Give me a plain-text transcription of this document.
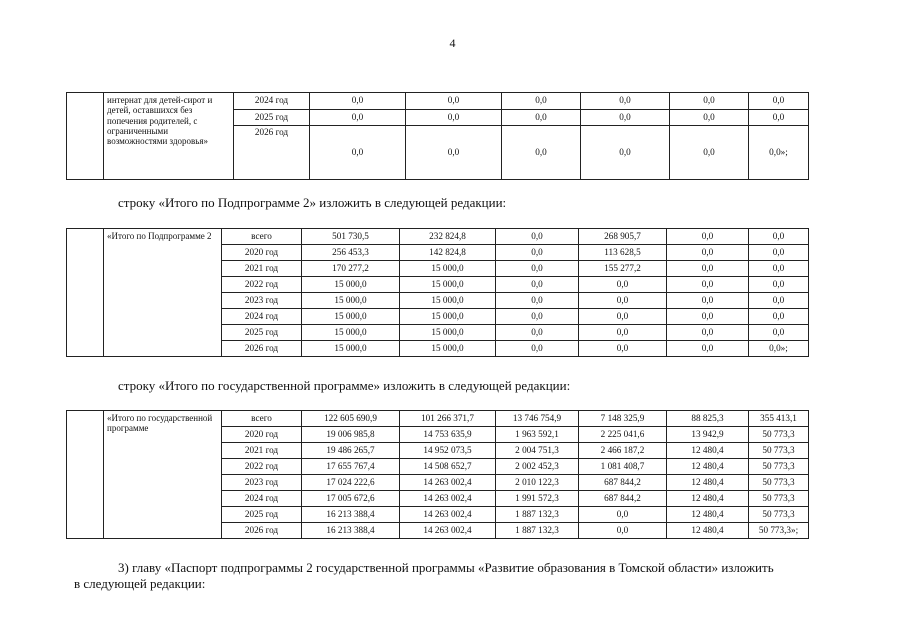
4
	интернат для детей-сирот и детей, оставшихся без попечения родителей, с ограниченными возможностями здоровья»	2024 год	0,0	0,0	0,0	0,0	0,0	0,0
		2025 год	0,0	0,0	0,0	0,0	0,0	0,0
		2026 год	0,0	0,0	0,0	0,0	0,0	0,0»;
строку «Итого по Подпрограмме 2» изложить в следующей редакции:
	«Итого по Подпрограмме 2	всего	501 730,5	232 824,8	0,0	268 905,7	0,0	0,0
		2020 год	256 453,3	142 824,8	0,0	113 628,5	0,0	0,0
		2021 год	170 277,2	15 000,0	0,0	155 277,2	0,0	0,0
		2022 год	15 000,0	15 000,0	0,0	0,0	0,0	0,0
		2023 год	15 000,0	15 000,0	0,0	0,0	0,0	0,0
		2024 год	15 000,0	15 000,0	0,0	0,0	0,0	0,0
		2025 год	15 000,0	15 000,0	0,0	0,0	0,0	0,0
		2026 год	15 000,0	15 000,0	0,0	0,0	0,0	0,0»;
строку «Итого по государственной программе» изложить в следующей редакции:
	«Итого по государственной программе	всего	122 605 690,9	101 266 371,7	13 746 754,9	7 148 325,9	88 825,3	355 413,1
		2020 год	19 006 985,8	14 753 635,9	1 963 592,1	2 225 041,6	13 942,9	50 773,3
		2021 год	19 486 265,7	14 952 073,5	2 004 751,3	2 466 187,2	12 480,4	50 773,3
		2022 год	17 655 767,4	14 508 652,7	2 002 452,3	1 081 408,7	12 480,4	50 773,3
		2023 год	17 024 222,6	14 263 002,4	2 010 122,3	687 844,2	12 480,4	50 773,3
		2024 год	17 005 672,6	14 263 002,4	1 991 572,3	687 844,2	12 480,4	50 773,3
		2025 год	16 213 388,4	14 263 002,4	1 887 132,3	0,0	12 480,4	50 773,3
		2026 год	16 213 388,4	14 263 002,4	1 887 132,3	0,0	12 480,4	50 773,3»;
3) главу «Паспорт подпрограммы 2 государственной программы «Развитие образования в Томской области» изложить
в следующей редакции:
